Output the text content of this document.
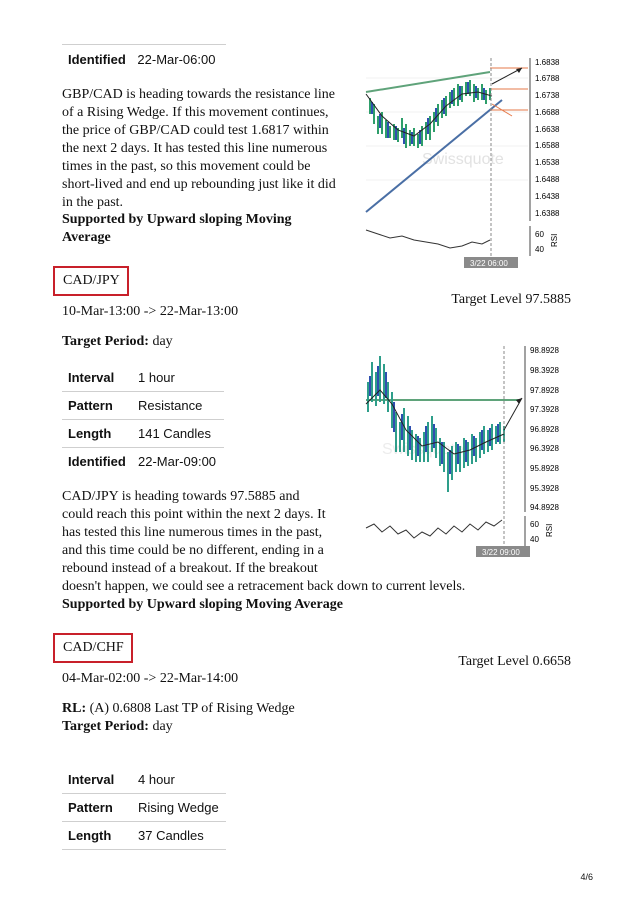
Identified 22-Mar-06:00
GBP/CAD is heading towards the resistance line of a Rising Wedge. If this movement continues, the price of GBP/CAD could test 1.6817 within the next 2 days. It has tested this line numerous times in the past, so this movement could be short-lived and end up rebounding just like it did in the past.
Supported by Upward sloping Moving Average
Swissquote
1.6838
1.6788
1.6738
1.6688
1.6638
1.6588
1.6538
1.6488
1.6438
1.6388
60
40
RSI
3/22 06:00
CAD/JPY
Target Level 97.5885
10-Mar-13:00 -> 22-Mar-13:00
Target Period: day
Interval	1 hour
Pattern	Resistance
Length	141 Candles
Identified	22-Mar-09:00
CAD/JPY is heading towards 97.5885 and could reach this point within the next 2 days. It has tested this line numerous times in the past, and this time could be no different, ending in a rebound instead of a breakout. If the breakout doesn't happen, we could see a retracement back down to current levels.
Supported by Upward sloping Moving Average
Swissquote
98.8928
98.3928
97.8928
97.3928
96.8928
96.3928
95.8928
95.3928
94.8928
60
40
RSI
3/22 09:00
CAD/CHF
Target Level 0.6658
04-Mar-02:00 -> 22-Mar-14:00
RL: (A) 0.6808 Last TP of Rising Wedge
Target Period: day
Interval	4 hour
Pattern	Rising Wedge
Length	37 Candles
4/6
